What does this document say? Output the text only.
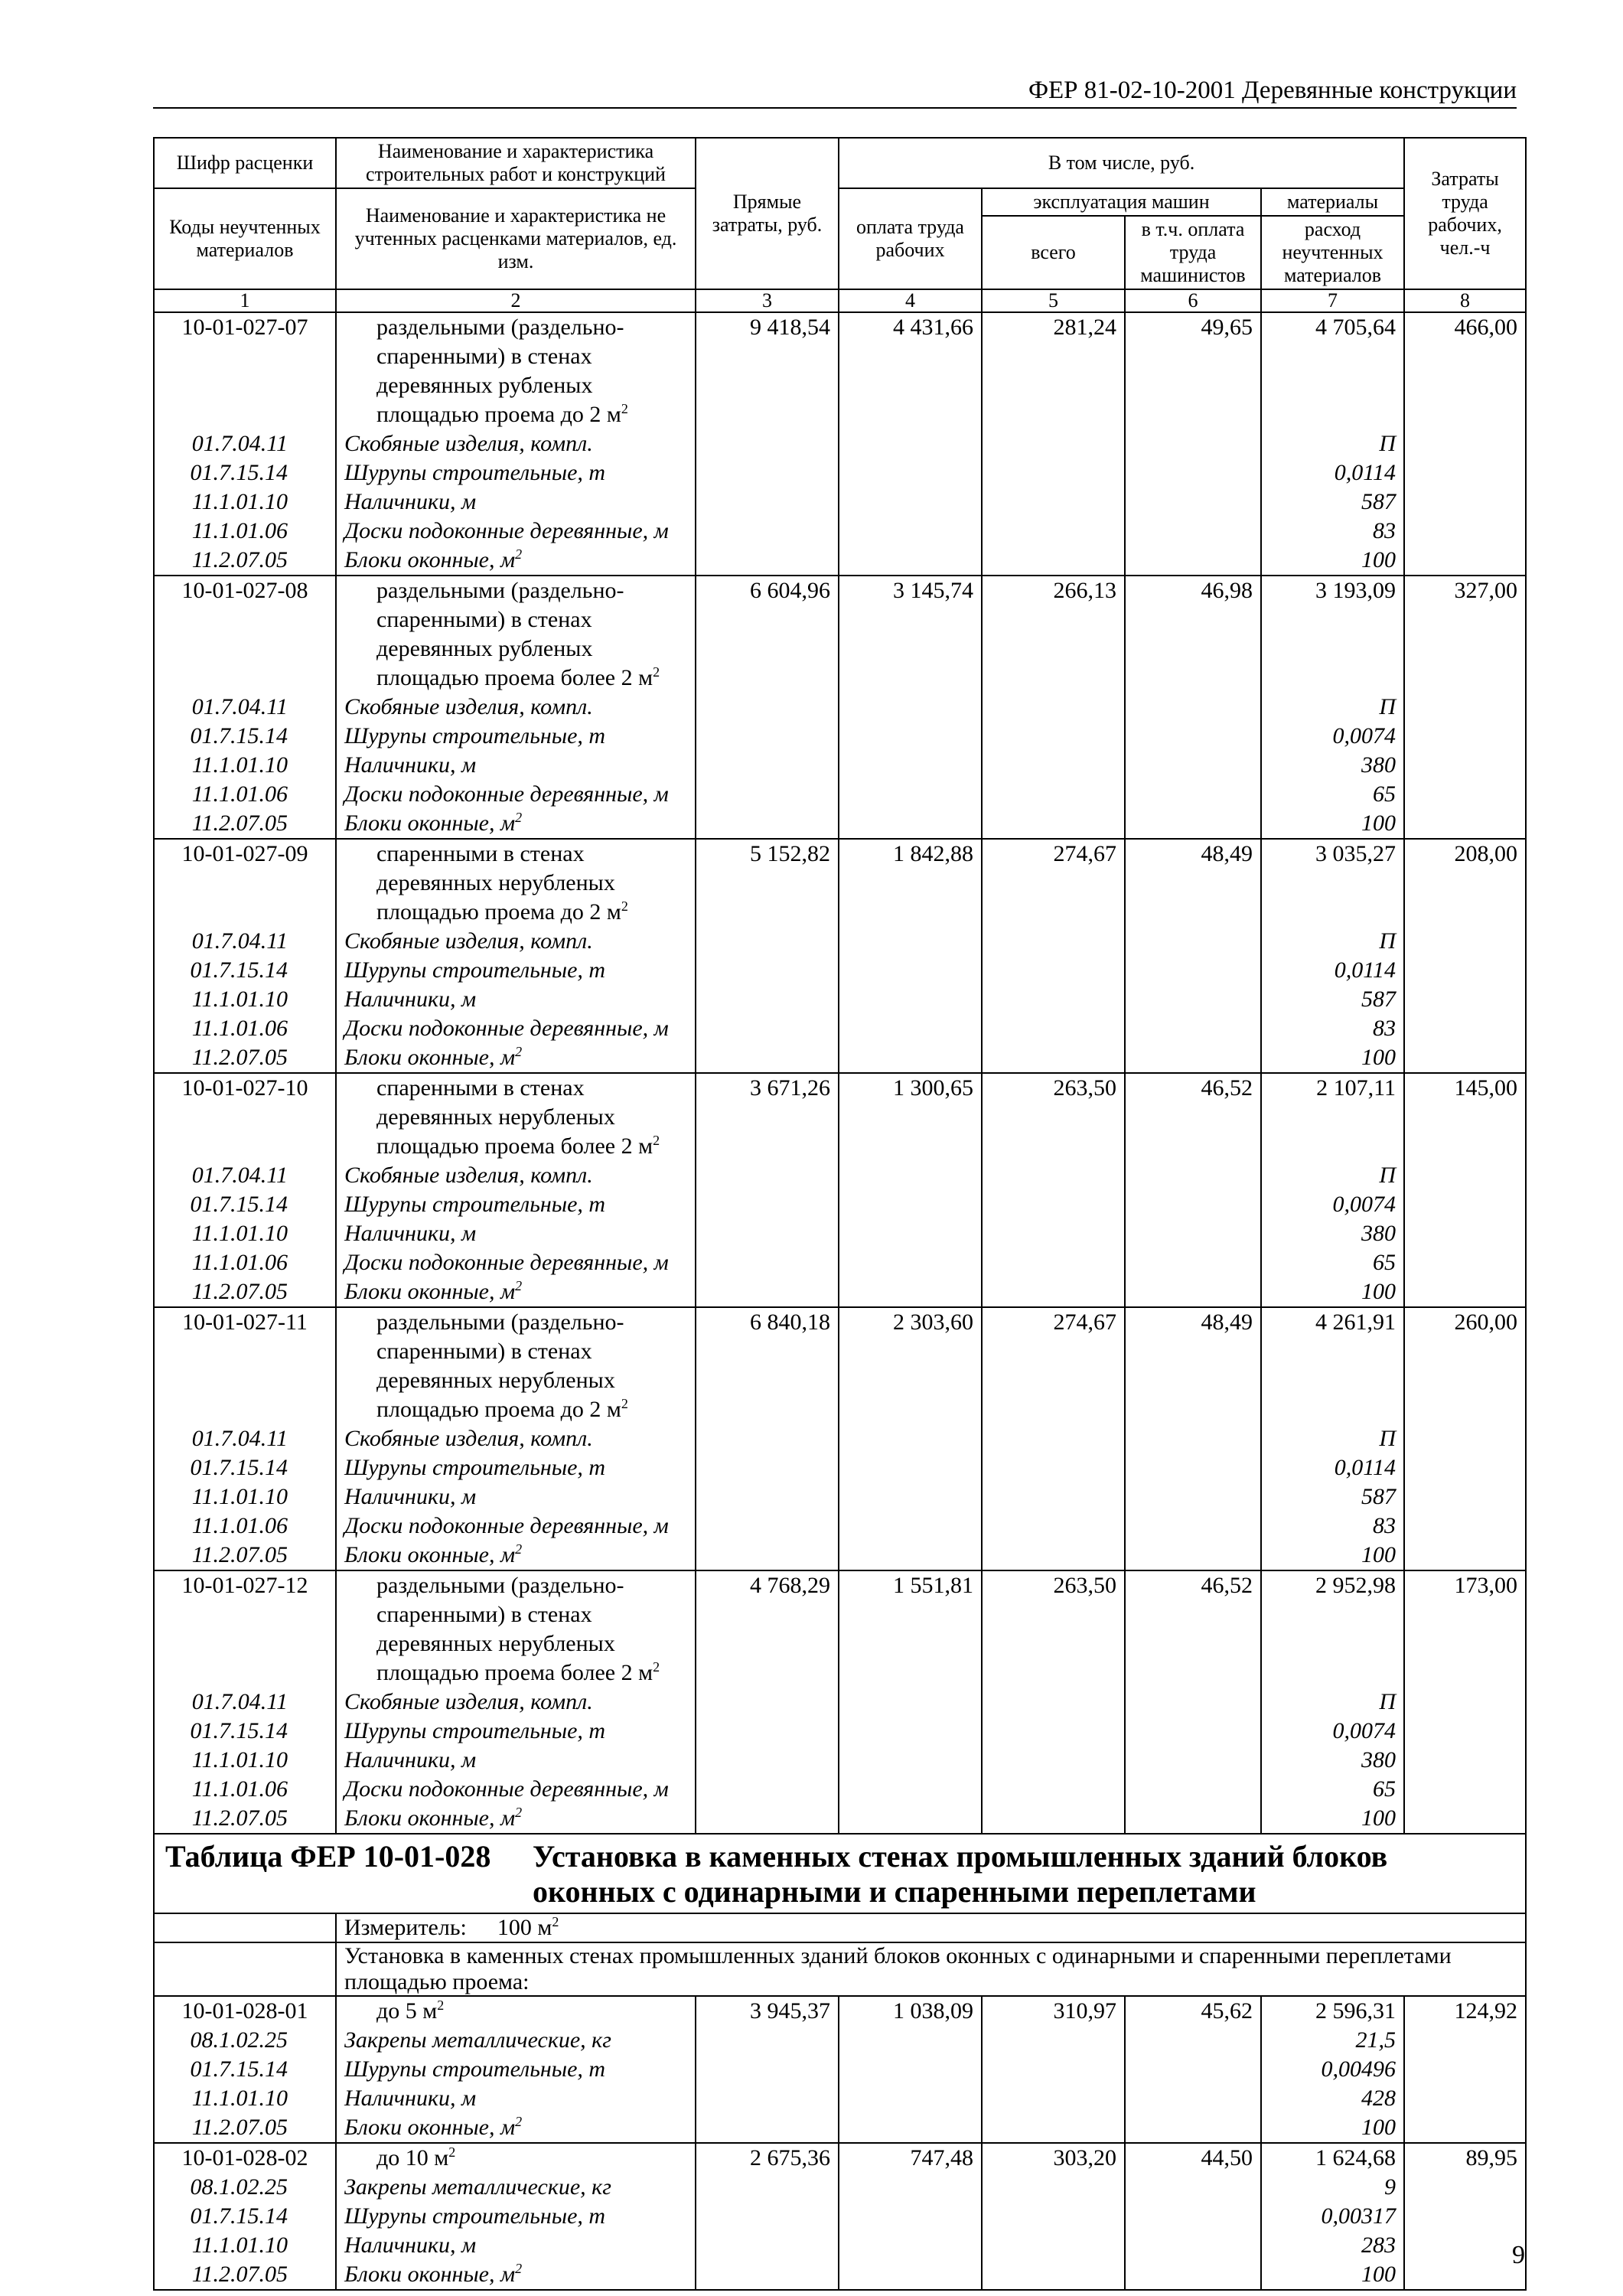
ФЕР 81-02-10-2001 Деревянные конструкции
Шифр расценки	Наименование и характеристика строительных работ и конструкций	Прямые затраты, руб.	В том числе, руб.				Затраты труда рабочих, чел.-ч
Коды неучтенных материалов	Наименование и характеристика не учтенных расценками материалов, ед. изм.		оплата труда рабочих	эксплуатация машин		материалы	
				всего	в т.ч. оплата труда машинистов	расход неучтенных материалов	
1	2	3	4	5	6	7	8
10-01-027-07	раздельными (раздельно-
спаренными) в стенах
деревянных рубленых
площадью проема до 2 $м^2$	9 418,54	4 431,66	281,24	49,65	4 705,64	466,00
01.7.04.11	Скобяные изделия, компл.					П	
01.7.15.14	Шурупы строительные, т					0,0114	
11.1.01.10	Наличники, м					587	
11.1.01.06	Доски подоконные деревянные, м					83	
11.2.07.05	Блоки оконные, $м^2$					100	
10-01-027-08	раздельными (раздельно-
спаренными) в стенах
деревянных рубленых
площадью проема более 2 $м^2$	6 604,96	3 145,74	266,13	46,98	3 193,09	327,00
01.7.04.11	Скобяные изделия, компл.					П	
01.7.15.14	Шурупы строительные, т					0,0074	
11.1.01.10	Наличники, м					380	
11.1.01.06	Доски подоконные деревянные, м					65	
11.2.07.05	Блоки оконные, $м^2$					100	
10-01-027-09	спаренными в стенах
деревянных нерубленых
площадью проема до 2 $м^2$	5 152,82	1 842,88	274,67	48,49	3 035,27	208,00
01.7.04.11	Скобяные изделия, компл.					П	
01.7.15.14	Шурупы строительные, т					0,0114	
11.1.01.10	Наличники, м					587	
11.1.01.06	Доски подоконные деревянные, м					83	
11.2.07.05	Блоки оконные, $м^2$					100	
10-01-027-10	спаренными в стенах
деревянных нерубленых
площадью проема более 2 $м^2$	3 671,26	1 300,65	263,50	46,52	2 107,11	145,00
01.7.04.11	Скобяные изделия, компл.					П	
01.7.15.14	Шурупы строительные, т					0,0074	
11.1.01.10	Наличники, м					380	
11.1.01.06	Доски подоконные деревянные, м					65	
11.2.07.05	Блоки оконные, $м^2$					100	
10-01-027-11	раздельными (раздельно-
спаренными) в стенах
деревянных нерубленых
площадью проема до 2 $м^2$	6 840,18	2 303,60	274,67	48,49	4 261,91	260,00
01.7.04.11	Скобяные изделия, компл.					П	
01.7.15.14	Шурупы строительные, т					0,0114	
11.1.01.10	Наличники, м					587	
11.1.01.06	Доски подоконные деревянные, м					83	
11.2.07.05	Блоки оконные, $м^2$					100	
10-01-027-12	раздельными (раздельно-
спаренными) в стенах
деревянных нерубленых
площадью проема более 2 $м^2$	4 768,29	1 551,81	263,50	46,52	2 952,98	173,00
01.7.04.11	Скобяные изделия, компл.					П	
01.7.15.14	Шурупы строительные, т					0,0074	
11.1.01.10	Наличники, м					380	
11.1.01.06	Доски подоконные деревянные, м					65	
11.2.07.05	Блоки оконные, $м^2$					100	
Таблица ФЕР 10-01-028 Установка в каменных стенах промышленных зданий блоков оконных с одинарными и спаренными переплетами							
	Измеритель: 100 $м^2$
	Установка в каменных стенах промышленных зданий блоков оконных с одинарными и спаренными переплетами площадью проема:						
10-01-028-01	до 5 $м^2$	3 945,37	1 038,09	310,97	45,62	2 596,31	124,92
08.1.02.25	Закрепы металлические, кг					21,5	
01.7.15.14	Шурупы строительные, т					0,00496	
11.1.01.10	Наличники, м					428	
11.2.07.05	Блоки оконные, $м^2$					100	
10-01-028-02	до 10 $м^2$	2 675,36	747,48	303,20	44,50	1 624,68	89,95
08.1.02.25	Закрепы металлические, кг					9	
01.7.15.14	Шурупы строительные, т					0,00317	
11.1.01.10	Наличники, м					283	
11.2.07.05	Блоки оконные, $м^2$					100	
9
